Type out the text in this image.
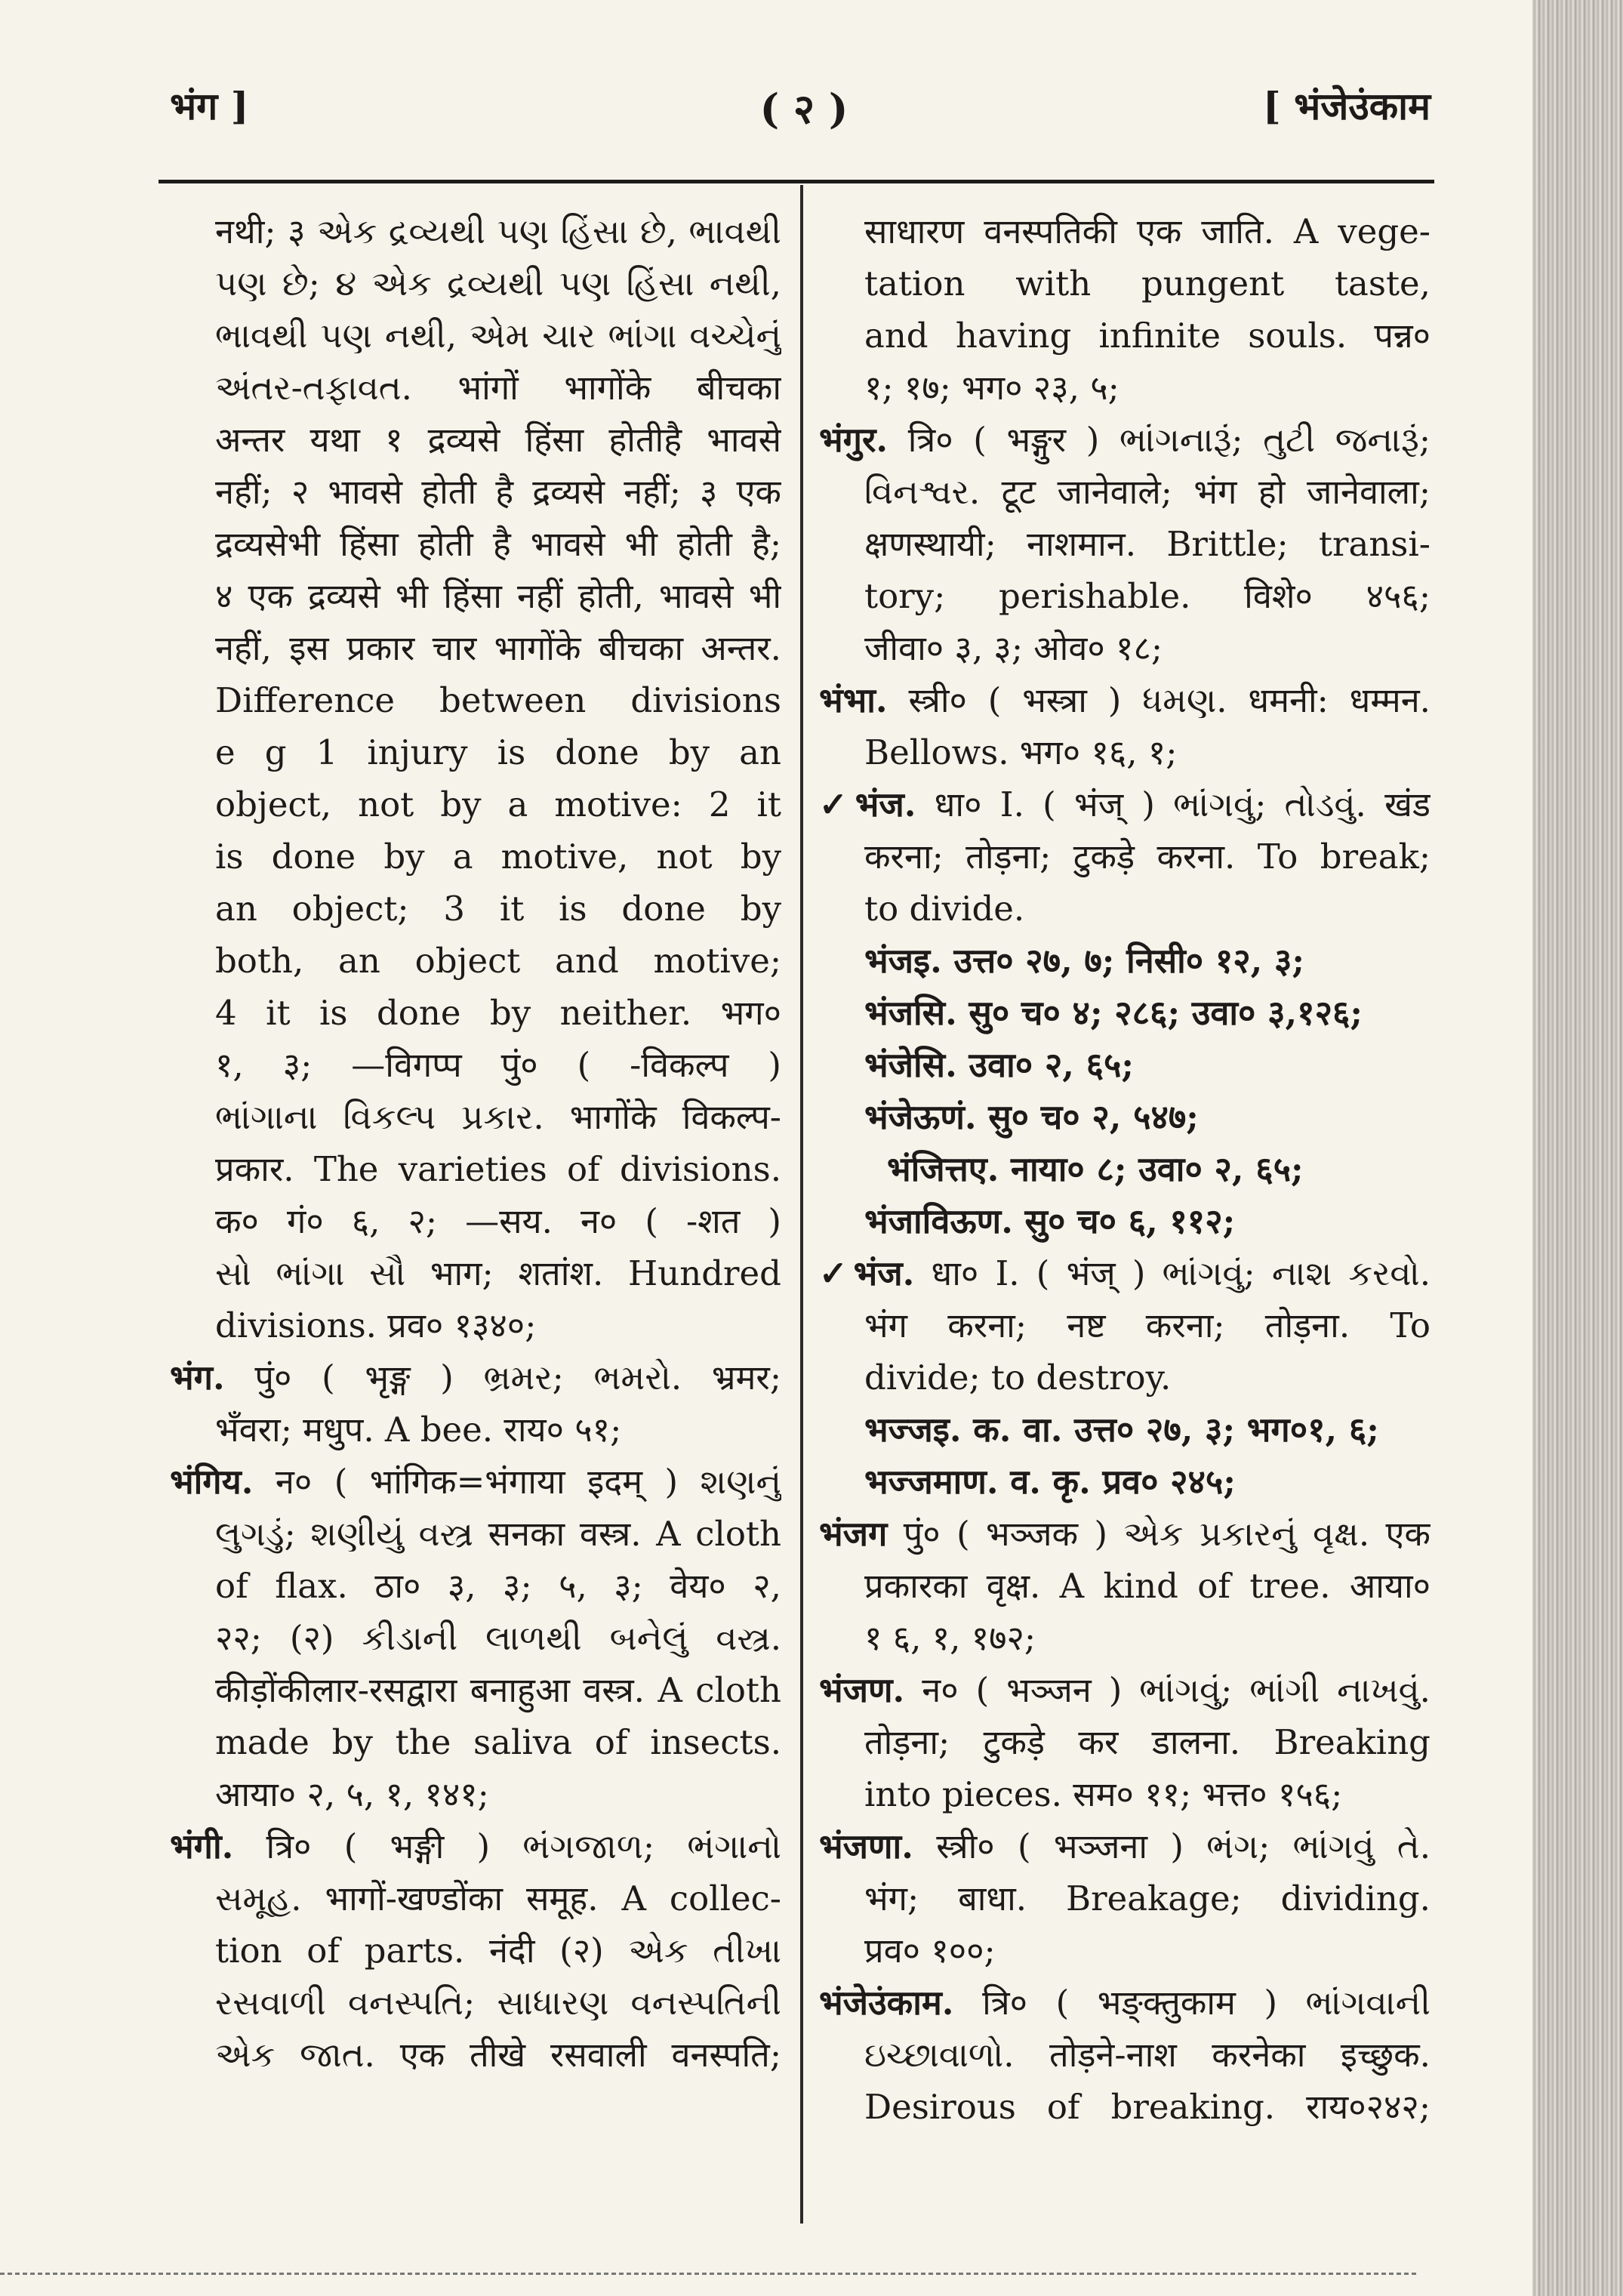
भंग ]	( २ )	[ भंजेउंकाम
नथी; ३ એક દ્રવ્યથી પણ હિંસા છે, ભાવથી
પણ છે; ૪ એક દ્રવ્યથી પણ હિંસા નથી,
ભાવથી પણ નથી, એમ ચાર ભાંગા વચ્ચેનું
અંતર-તફાવત. भांगों भागोंके बीचका
अन्तर यथा १ द्रव्यसे हिंसा होतीहै भावसे
नहीं; २ भावसे होती है द्रव्यसे नहीं; ३ एक
द्रव्यसेभी हिंसा होती है भावसे भी होती है;
४ एक द्रव्यसे भी हिंसा नहीं होती, भावसे भी
नहीं, इस प्रकार चार भागोंके बीचका अन्तर.
Difference between divisions
e g 1 injury is done by an
object, not by a motive: 2 it
is done by a motive, not by
an object; 3 it is done by
both, an object and motive;
4 it is done by neither. भग०
१, ३; —विगप्प पुं० ( -विकल्प )
ભાંગાના વિકલ્પ પ્રકાર. भागोंके विकल्प-
प्रकार. The varieties of divisions.
क० गं० ६, २; —सय. न० ( -शत )
સો ભાંગા સૌ भाग; शतांश. Hundred
divisions. प्रव० १३४०;
भंग. पुं० ( भृङ्ग ) ભ્રમર; ભમરો. भ्रमर;
भँवरा; मधुप. A bee. राय० ५१;
भंगिय. न० ( भांगिक=भंगाया इदम् ) શણનું
લુગડું; શણીયું વસ્ત્ર सनका वस्त्र. A cloth
of flax. ठा० ३, ३; ५, ३; वेय० २,
२२; (२) કીડાની લાળથી બનેલું વસ્ત્ર.
कीड़ोंकीलार-रसद्वारा बनाहुआ वस्त्र. A cloth
made by the saliva of insects.
आया० २, ५, १, १४१;
भंगी. त्रि० ( भङ्गी ) ભંગજાળ; ભંગાનો
સમૂહ. भागों-खण्डोंका समूह. A collec-
tion of parts. नंदी (२) એક તીખા
રસવાળી વનસ્પતિ; સાધારણ વનસ્પતિની
એક જાત. एक तीखे रसवाली वनस्पति;
साधारण वनस्पतिकी एक जाति. A vege-
tation with pungent taste,
and having infinite souls. पन्न०
१; १७; भग० २३, ५;
भंगुर. त्रि० ( भङ्गुर ) ભાંગનારૂં; તુટી જનારૂં;
વિનશ્વર. टूट जानेवाले; भंग हो जानेवाला;
क्षणस्थायी; नाशमान. Brittle; transi-
tory; perishable. विशे० ४५६;
जीवा० ३, ३; ओव० १८;
भंभा. स्त्री० ( भस्त्रा ) ધમણ. धमनी: धम्मन.
Bellows. भग० १६, १;
✓भंज. धा० I. ( भंज् ) ભાંગવું; તોડવું. खंड
करना; तोड़ना; टुकड़े करना. To break;
to divide.
भंजइ. उत्त० २७, ७; निसी० १२, ३;
भंजसि. सु० च० ४; २८६; उवा० ३,१२६;
भंजेसि. उवा० २, ६५;
भंजेऊणं. सु० च० २, ५४७;
भंजित्तए. नाया० ८; उवा० २, ६५;
भंजाविऊण. सु० च० ६, ११२;
✓भंज. धा० I. ( भंज् ) ભાંગવું; નાશ કરવો.
भंग करना; नष्ट करना; तोड़ना. To
divide; to destroy.
भज्जइ. क. वा. उत्त० २७, ३; भग०१, ६;
भज्जमाण. व. कृ. प्रव० २४५;
भंजग पुं० ( भञ्जक ) એક પ્રકારનું વૃક્ષ. एक
प्रकारका वृक्ष. A kind of tree. आया०
१ ६, १, १७२;
भंजण. न० ( भञ्जन ) ભાંગવું; ભાંગી નાખવું.
तोड़ना; टुकड़े कर डालना. Breaking
into pieces. सम० ११; भत्त० १५६;
भंजणा. स्त्री० ( भञ्जना ) ભંગ; ભાંગવું તે.
भंग; बाधा. Breakage; dividing.
प्रव० १००;
भंजेउंकाम. त्रि० ( भङ्क्तुकाम ) ભાંગવાની
ઇચ્છાવાળો. तोड़ने-नाश करनेका इच्छुक.
Desirous of breaking. राय०२४२;
